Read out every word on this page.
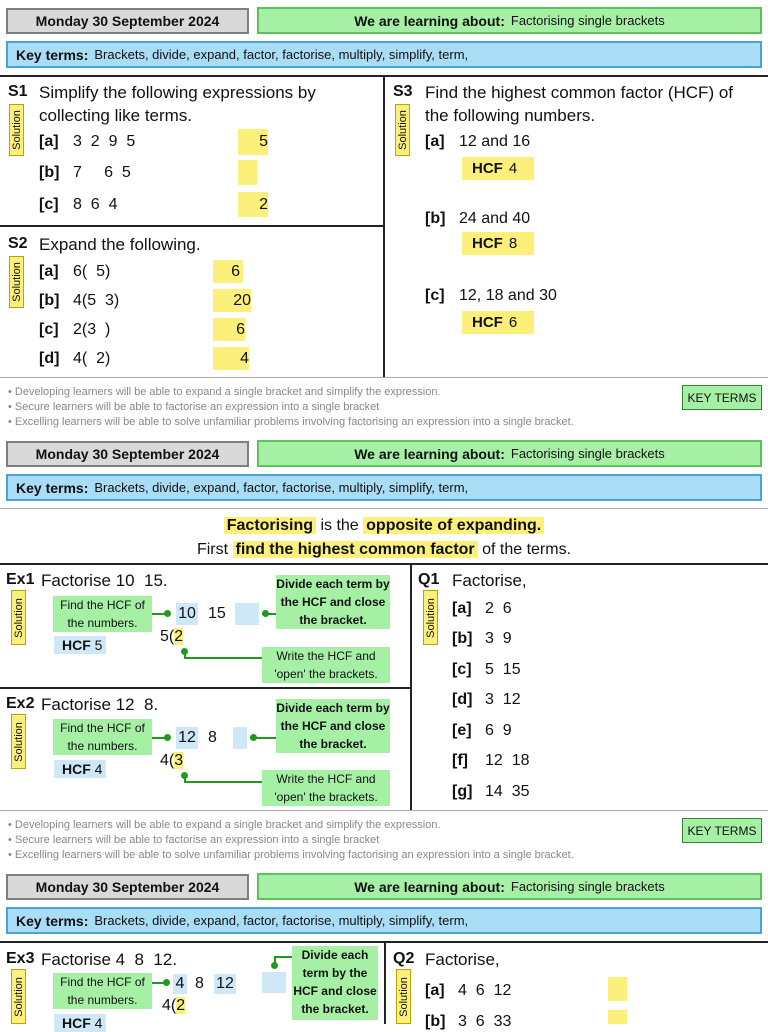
Monday 30 September 2024	We are learning about: Factorising single brackets
Key terms: Brackets, divide, expand, factor, factorise, multiply, simplify, term,
S1
Solution
Simplify the following expressions by collecting like terms.
[a] 3  2  9  5	5
[b] 7     6  5
[c] 8  6  4	2
S2
Solution
Expand the following.
[a] 6(  5)	6
[b] 4(5  3)	20
[c] 2(3  )	6
[d] 4(  2)	4
S3
Solution
Find the highest common factor (HCF) of the following numbers.
[a] 12 and 16
HCF 4
[b] 24 and 40
HCF 8
[c] 12, 18 and 30
HCF 6
• Developing learners will be able to expand a single bracket and simplify the expression.
• Secure learners will be able to factorise an expression into a single bracket
• Excelling learners will be able to solve unfamiliar problems involving factorising an expression into a single bracket.
KEY TERMS
Monday 30 September 2024	We are learning about: Factorising single brackets
Key terms: Brackets, divide, expand, factor, factorise, multiply, simplify, term,
Factorising is the opposite of expanding.
First find the highest common factor of the terms.
Ex1
Solution
Factorise 10  15.
Find the HCF of the numbers.
HCF 5
10 15
Divide each term by the HCF and close the bracket.
5(2
Write the HCF and 'open' the brackets.
Ex2
Solution
Factorise 12  8.
Find the HCF of the numbers.
HCF 4
12 8
Divide each term by the HCF and close the bracket.
4(3
Write the HCF and 'open' the brackets.
Q1
Solution
Factorise,
[a] 2  6
[b] 3  9
[c] 5  15
[d] 3  12
[e] 6  9
[f] 12  18
[g] 14  35
• Developing learners will be able to expand a single bracket and simplify the expression.
• Secure learners will be able to factorise an expression into a single bracket
• Excelling learners will be able to solve unfamiliar problems involving factorising an expression into a single bracket.
KEY TERMS
Monday 30 September 2024	We are learning about: Factorising single brackets
Key terms: Brackets, divide, expand, factor, factorise, multiply, simplify, term,
Ex3
Solution
Factorise 4  8  12.
Find the HCF of the numbers.
HCF 4
4 8 12
Divide each term by the HCF and close the bracket.
4(2
Q2
Solution
Factorise,
[a] 4  6  12
[b] 3  6  33
